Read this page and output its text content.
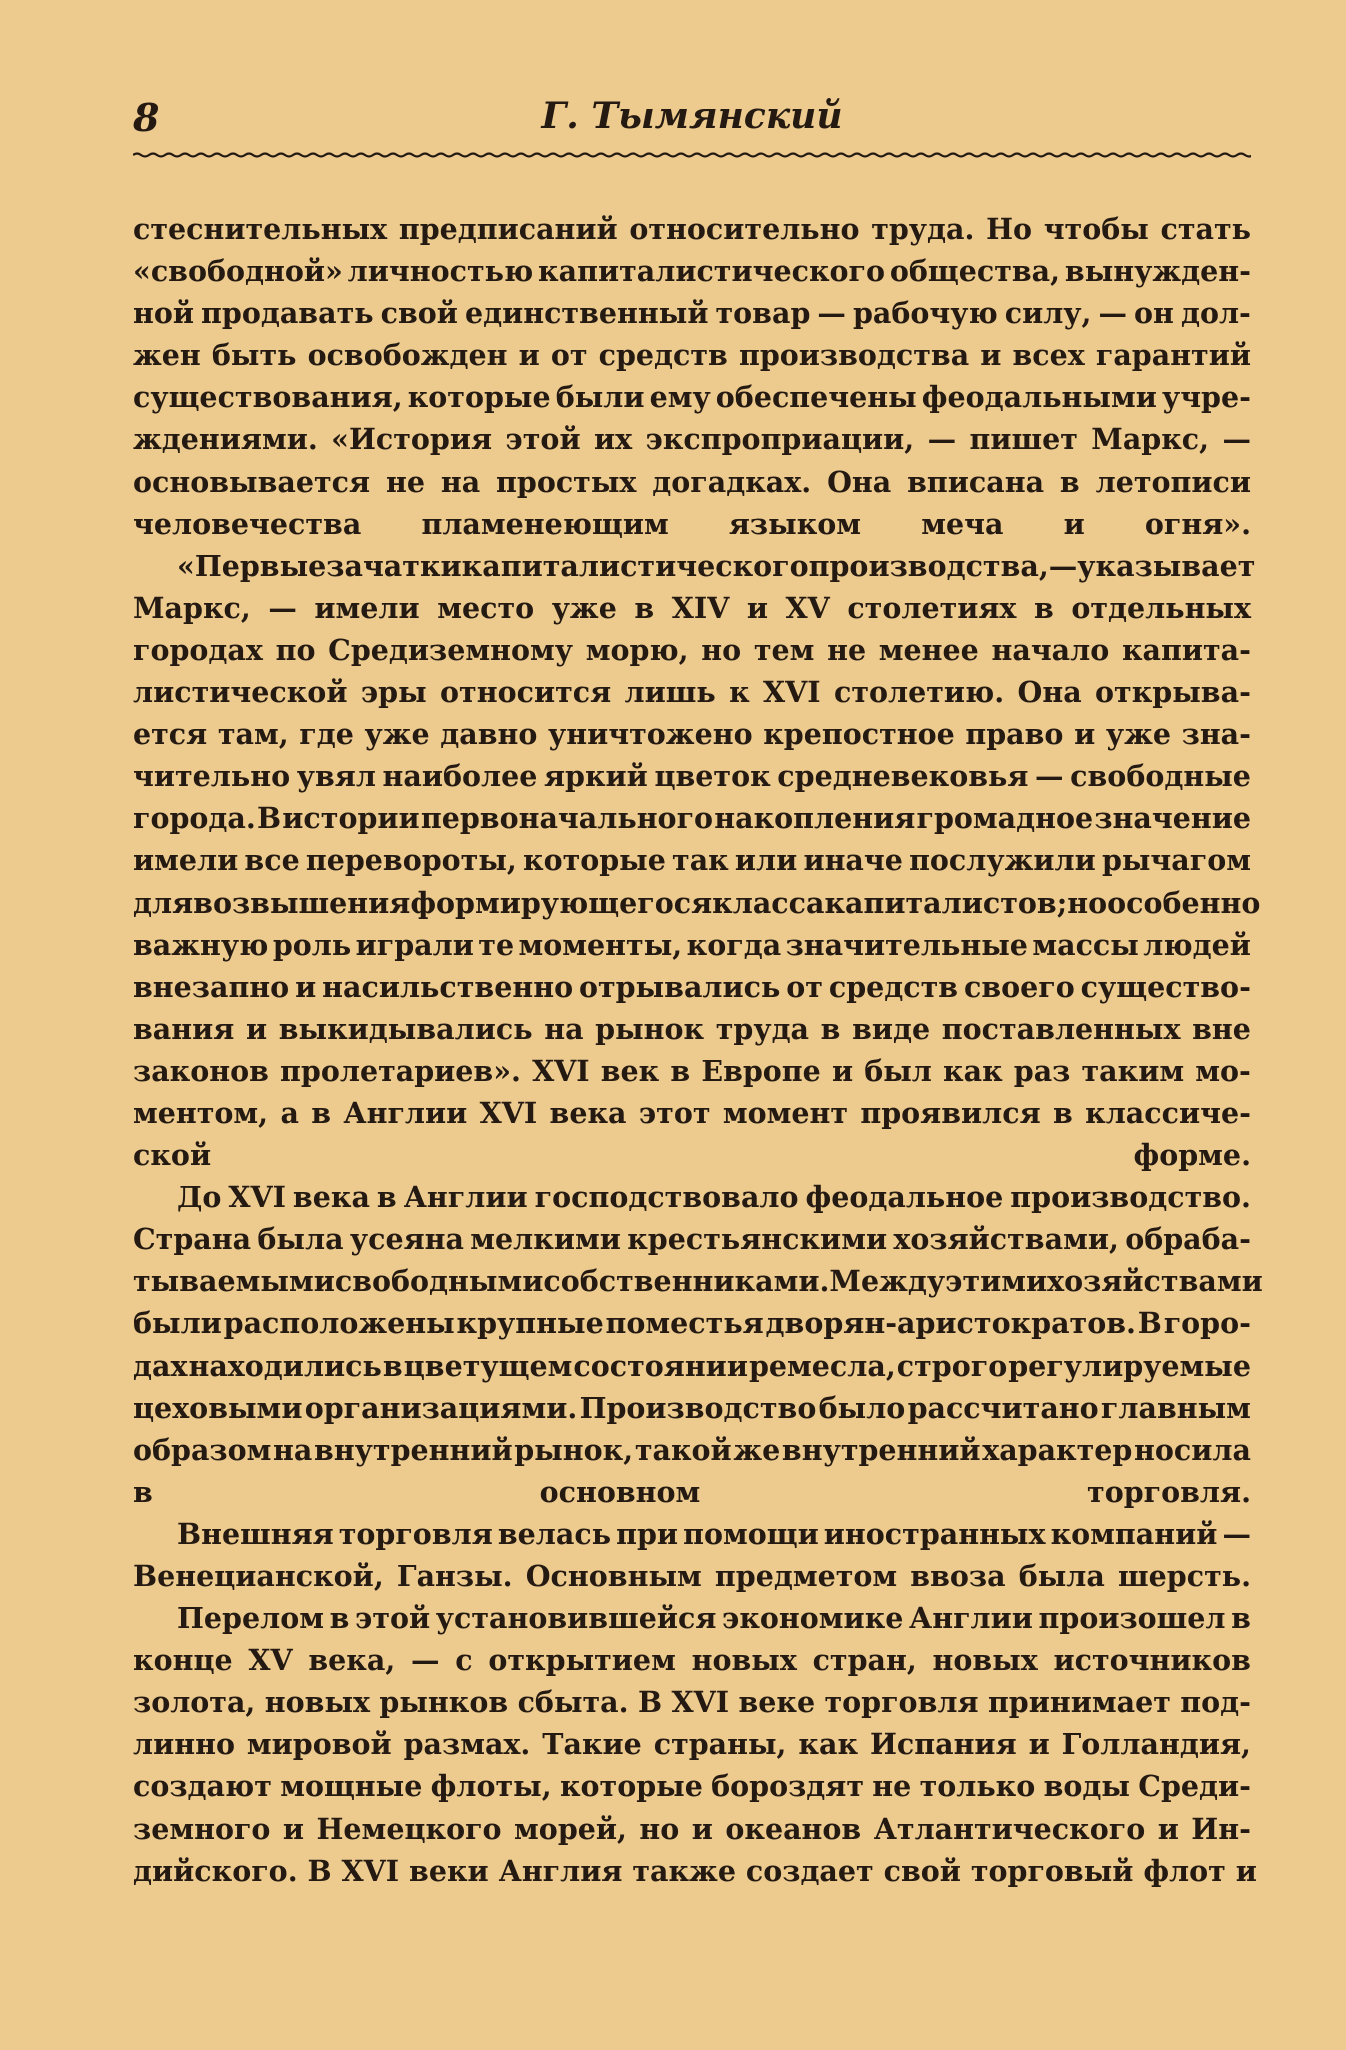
8	Г. Тымянский

стеснительных предписаний относительно труда. Но чтобы стать
«свободной» личностью капиталистического общества, вынужден-
ной продавать свой единственный товар — рабочую силу, — он дол-
жен быть освобожден и от средств производства и всех гарантий
существования, которые были ему обеспечены феодальными учре-
ждениями. «История этой их экспроприации, — пишет Маркс, —
основывается не на простых догадках. Она вписана в летописи
человечества пламенеющим языком меча и огня».

«Первые зачатки капиталистического производства, — указывает
Маркс, — имели место уже в XIV и XV столетиях в отдельных
городах по Средиземному морю, но тем не менее начало капита-
листической эры относится лишь к XVI столетию. Она открыва-
ется там, где уже давно уничтожено крепостное право и уже зна-
чительно увял наиболее яркий цветок средневековья — свободные
города. В истории первоначального накопления громадное значение
имели все перевороты, которые так или иначе послужили рычагом
для возвышения формирующегося класса капиталистов; но особенно
важную роль играли те моменты, когда значительные массы людей
внезапно и насильственно отрывались от средств своего существо-
вания и выкидывались на рынок труда в виде поставленных вне
законов пролетариев». XVI век в Европе и был как раз таким мо-
ментом, а в Англии XVI века этот момент проявился в классиче-
ской форме.

До XVI века в Англии господствовало феодальное производство.
Страна была усеяна мелкими крестьянскими хозяйствами, обраба-
тываемыми свободными собственниками. Между этими хозяйствами
были расположены крупные поместья дворян-аристократов. В горо-
дах находились в цветущем состоянии ремесла, строго регулируемые
цеховыми организациями. Производство было рассчитано главным
образом на внутренний рынок, такой же внутренний характер носила
в основном торговля.

Внешняя торговля велась при помощи иностранных компаний —
Венецианской, Ганзы. Основным предметом ввоза была шерсть.

Перелом в этой установившейся экономике Англии произошел в
конце XV века, — с открытием новых стран, новых источников
золота, новых рынков сбыта. В XVI веке торговля принимает под-
линно мировой размах. Такие страны, как Испания и Голландия,
создают мощные флоты, которые бороздят не только воды Среди-
земного и Немецкого морей, но и океанов Атлантического и Ин-
дийского. В XVI веки Англия также создает свой торговый флот и
